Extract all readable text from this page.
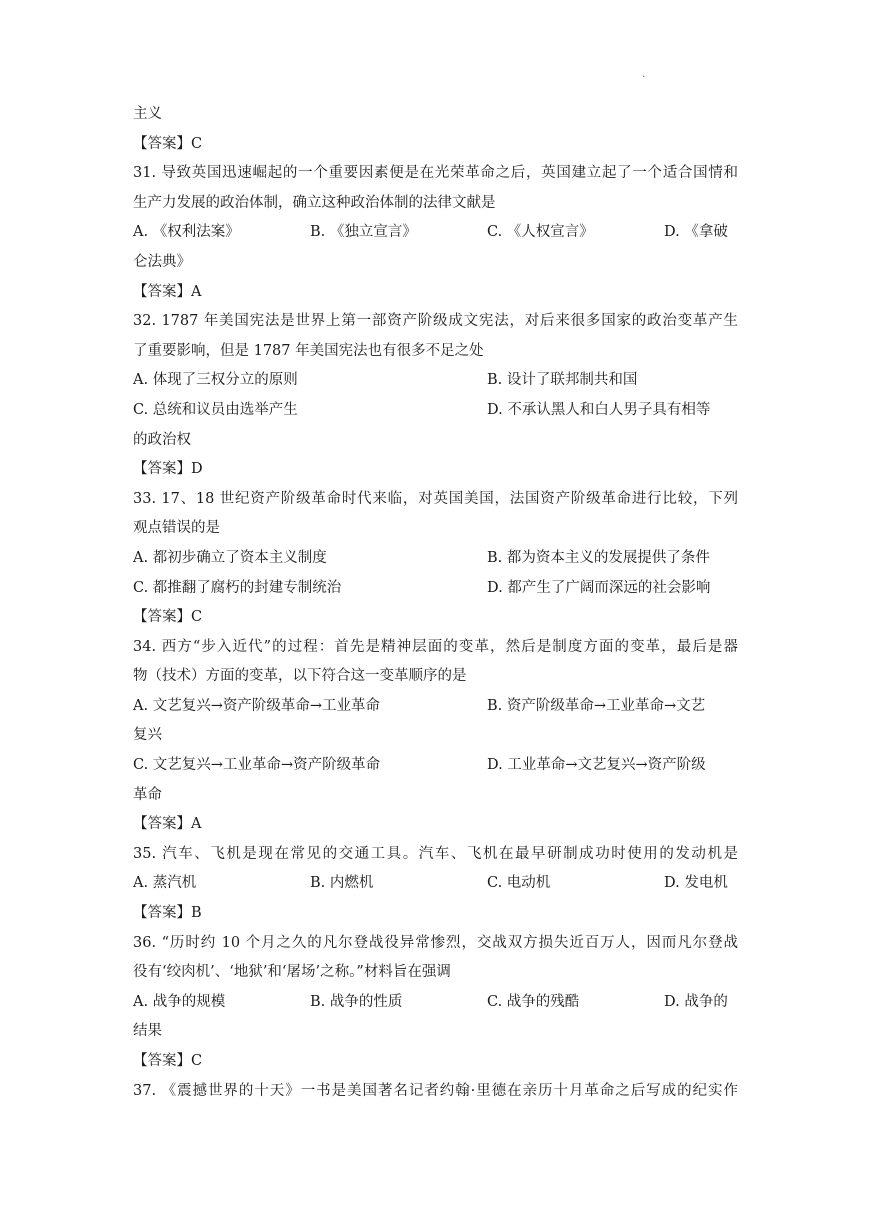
·
主义
【答案】C
31. 导致英国迅速崛起的一个重要因素便是在光荣革命之后，英国建立起了一个适合国情和
生产力发展的政治体制，确立这种政治体制的法律文献是
A. 《权利法案》	B. 《独立宣言》	C. 《人权宣言》	D. 《拿破
仑法典》
【答案】A
32. 1787 年美国宪法是世界上第一部资产阶级成文宪法，对后来很多国家的政治变革产生
了重要影响，但是 1787 年美国宪法也有很多不足之处
A. 体现了三权分立的原则	B. 设计了联邦制共和国
C. 总统和议员由选举产生	D. 不承认黑人和白人男子具有相等
的政治权
【答案】D
33. 17、18 世纪资产阶级革命时代来临，对英国美国，法国资产阶级革命进行比较，下列
观点错误的是
A. 都初步确立了资本主义制度	B. 都为资本主义的发展提供了条件
C. 都推翻了腐朽的封建专制统治	D. 都产生了广阔而深远的社会影响
【答案】C
34. 西方“步入近代”的过程：首先是精神层面的变革，然后是制度方面的变革，最后是器
物（技术）方面的变革，以下符合这一变革顺序的是
A. 文艺复兴→资产阶级革命→工业革命	B. 资产阶级革命→工业革命→文艺
复兴
C. 文艺复兴→工业革命→资产阶级革命	D. 工业革命→文艺复兴→资产阶级
革命
【答案】A
35. 汽车、飞机是现在常见的交通工具。汽车、飞机在最早研制成功时使用的发动机是
A. 蒸汽机	B. 内燃机	C. 电动机	D. 发电机
【答案】B
36. “历时约 10 个月之久的凡尔登战役异常惨烈，交战双方损失近百万人，因而凡尔登战
役有‘绞肉机’、‘地狱’和‘屠场’之称。”材料旨在强调
A. 战争的规模	B. 战争的性质	C. 战争的残酷	D. 战争的
结果
【答案】C
37. 《震撼世界的十天》一书是美国著名记者约翰·里德在亲历十月革命之后写成的纪实作
